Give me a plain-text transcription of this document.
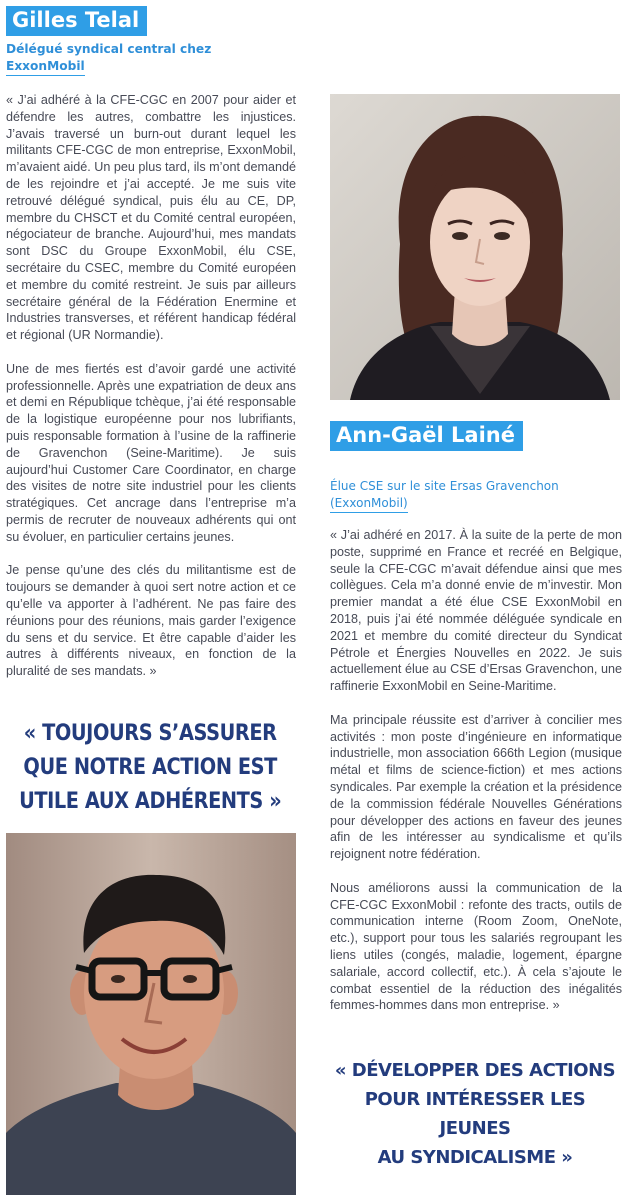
Gilles Telal
Délégué syndical central chez
ExxonMobil

« J’ai adhéré à la CFE-CGC en 2007 pour aider et défendre les autres, combattre les injustices. J’avais traversé un burn-out durant lequel les militants CFE-CGC de mon entreprise, ExxonMobil, m’avaient aidé. Un peu plus tard, ils m’ont demandé de les rejoindre et j’ai accepté. Je me suis vite retrouvé délégué syndical, puis élu au CE, DP, membre du CHSCT et du Comité central européen, négociateur de branche. Aujourd’hui, mes mandats sont DSC du Groupe ExxonMobil, élu CSE, secrétaire du CSEC, membre du Comité européen et membre du comité restreint. Je suis par ailleurs secrétaire général de la Fédération Enermine et Industries transverses, et référent handicap fédéral et régional (UR Normandie).

Une de mes fiertés est d’avoir gardé une activité professionnelle. Après une expatriation de deux ans et demi en République tchèque, j’ai été responsable de la logistique européenne pour nos lubrifiants, puis responsable formation à l’usine de la raffinerie de Gravenchon (Seine-Maritime). Je suis aujourd’hui Customer Care Coordinator, en charge des visites de notre site industriel pour les clients stratégiques. Cet ancrage dans l’entreprise m’a permis de recruter de nouveaux adhérents qui ont su évoluer, en particulier certains jeunes.

Je pense qu’une des clés du militantisme est de toujours se demander à quoi sert notre action et ce qu’elle va apporter à l’adhérent. Ne pas faire des réunions pour des réunions, mais garder l’exigence du sens et du service. Et être capable d’aider les autres à différents niveaux, en fonction de la pluralité de ses mandats. »

« TOUJOURS S’ASSURER
QUE NOTRE ACTION EST
UTILE AUX ADHÉRENTS »
Ann-Gaël Lainé
Élue CSE sur le site Ersas Gravenchon
(ExxonMobil)

« J’ai adhéré en 2017. À la suite de la perte de mon poste, supprimé en France et recréé en Belgique, seule la CFE-CGC m’avait défendue ainsi que mes collègues. Cela m’a donné envie de m’investir. Mon premier mandat a été élue CSE ExxonMobil en 2018, puis j’ai été nommée déléguée syndicale en 2021 et membre du comité directeur du Syndicat Pétrole et Énergies Nouvelles en 2022. Je suis actuellement élue au CSE d’Ersas Gravenchon, une raffinerie ExxonMobil en Seine-Maritime.

Ma principale réussite est d’arriver à concilier mes activités : mon poste d’ingénieure en informatique industrielle, mon association 666th Legion (musique métal et films de science-fiction) et mes actions syndicales. Par exemple la création et la présidence de la commission fédérale Nouvelles Générations pour développer des actions en faveur des jeunes afin de les intéresser au syndicalisme et qu’ils rejoignent notre fédération.

Nous améliorons aussi la communication de la CFE-CGC ExxonMobil : refonte des tracts, outils de communication interne (Room Zoom, OneNote, etc.), support pour tous les salariés regroupant les liens utiles (congés, maladie, logement, épargne salariale, accord collectif, etc.). À cela s’ajoute le combat essentiel de la réduction des inégalités femmes-hommes dans mon entreprise. »

« DÉVELOPPER DES ACTIONS
POUR INTÉRESSER LES JEUNES
AU SYNDICALISME »
